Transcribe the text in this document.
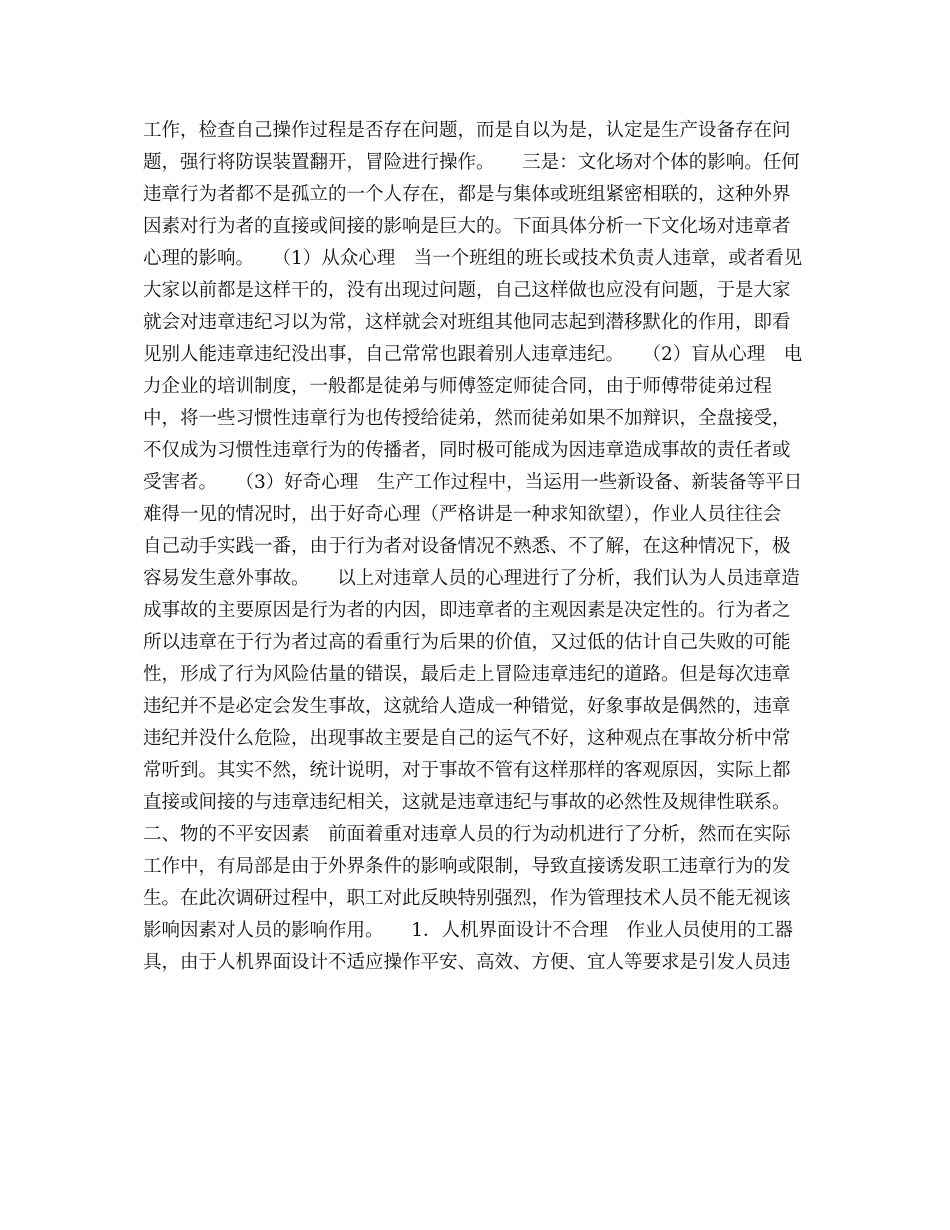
工作，检查自己操作过程是否存在问题，而是自以为是，认定是生产设备存在问
题，强行将防误装置翻开，冒险进行操作。　　三是：文化场对个体的影响。任何
违章行为者都不是孤立的一个人存在，都是与集体或班组紧密相联的，这种外界
因素对行为者的直接或间接的影响是巨大的。下面具体分析一下文化场对违章者
心理的影响。　　（1）从众心理　当一个班组的班长或技术负责人违章，或者看见
大家以前都是这样干的，没有出现过问题，自己这样做也应没有问题，于是大家
就会对违章违纪习以为常，这样就会对班组其他同志起到潜移默化的作用，即看
见别人能违章违纪没出事，自己常常也跟着别人违章违纪。　　（2）盲从心理　电
力企业的培训制度，一般都是徒弟与师傅签定师徒合同，由于师傅带徒弟过程
中，将一些习惯性违章行为也传授给徒弟，然而徒弟如果不加辩识，全盘接受，
不仅成为习惯性违章行为的传播者，同时极可能成为因违章造成事故的责任者或
受害者。　　（3）好奇心理　生产工作过程中，当运用一些新设备、新装备等平日
难得一见的情况时，出于好奇心理（严格讲是一种求知欲望），作业人员往往会
自己动手实践一番，由于行为者对设备情况不熟悉、不了解，在这种情况下，极
容易发生意外事故。　　以上对违章人员的心理进行了分析，我们认为人员违章造
成事故的主要原因是行为者的内因，即违章者的主观因素是决定性的。行为者之
所以违章在于行为者过高的看重行为后果的价值，又过低的估计自己失败的可能
性，形成了行为风险估量的错误，最后走上冒险违章违纪的道路。但是每次违章
违纪并不是必定会发生事故，这就给人造成一种错觉，好象事故是偶然的，违章
违纪并没什么危险，出现事故主要是自己的运气不好，这种观点在事故分析中常
常听到。其实不然，统计说明，对于事故不管有这样那样的客观原因，实际上都
直接或间接的与违章违纪相关，这就是违章违纪与事故的必然性及规律性联系。
二、物的不平安因素　前面着重对违章人员的行为动机进行了分析，然而在实际
工作中，有局部是由于外界条件的影响或限制，导致直接诱发职工违章行为的发
生。在此次调研过程中，职工对此反映特别强烈，作为管理技术人员不能无视该
影响因素对人员的影响作用。　　1．人机界面设计不合理　作业人员使用的工器
具，由于人机界面设计不适应操作平安、高效、方便、宜人等要求是引发人员违
